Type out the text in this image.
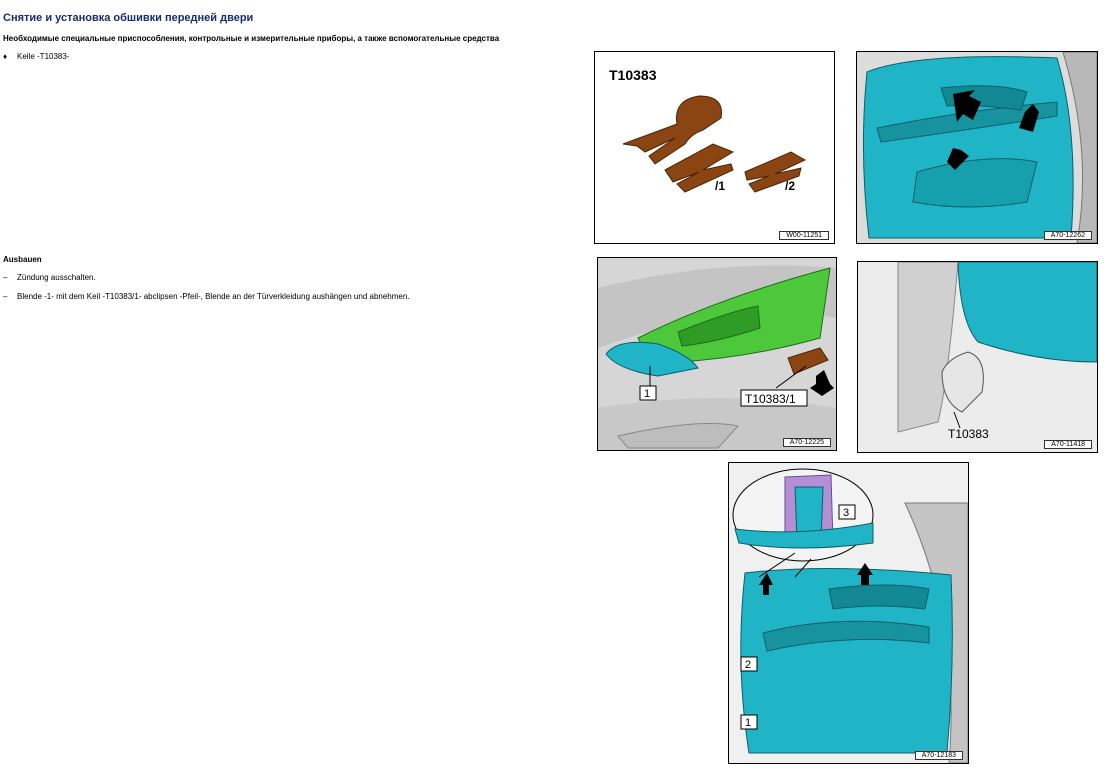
Снятие и установка обшивки передней двери
Необходимые специальные приспособления, контрольные и измерительные приборы, а также вспомогательные средства
♦ Keile -T10383-
Ausbauen
– Zündung ausschalten.
– Blende -1- mit dem Keil -T10383/1- abclipsen -Pfeil-, Blende an der Türverkleidung aushängen und abnehmen.
T10383
/1	/2
W00-11251	A70-12262
1	T10383/1
A70-12225
T10383
A70-11418
3
2
1
A70-12183
